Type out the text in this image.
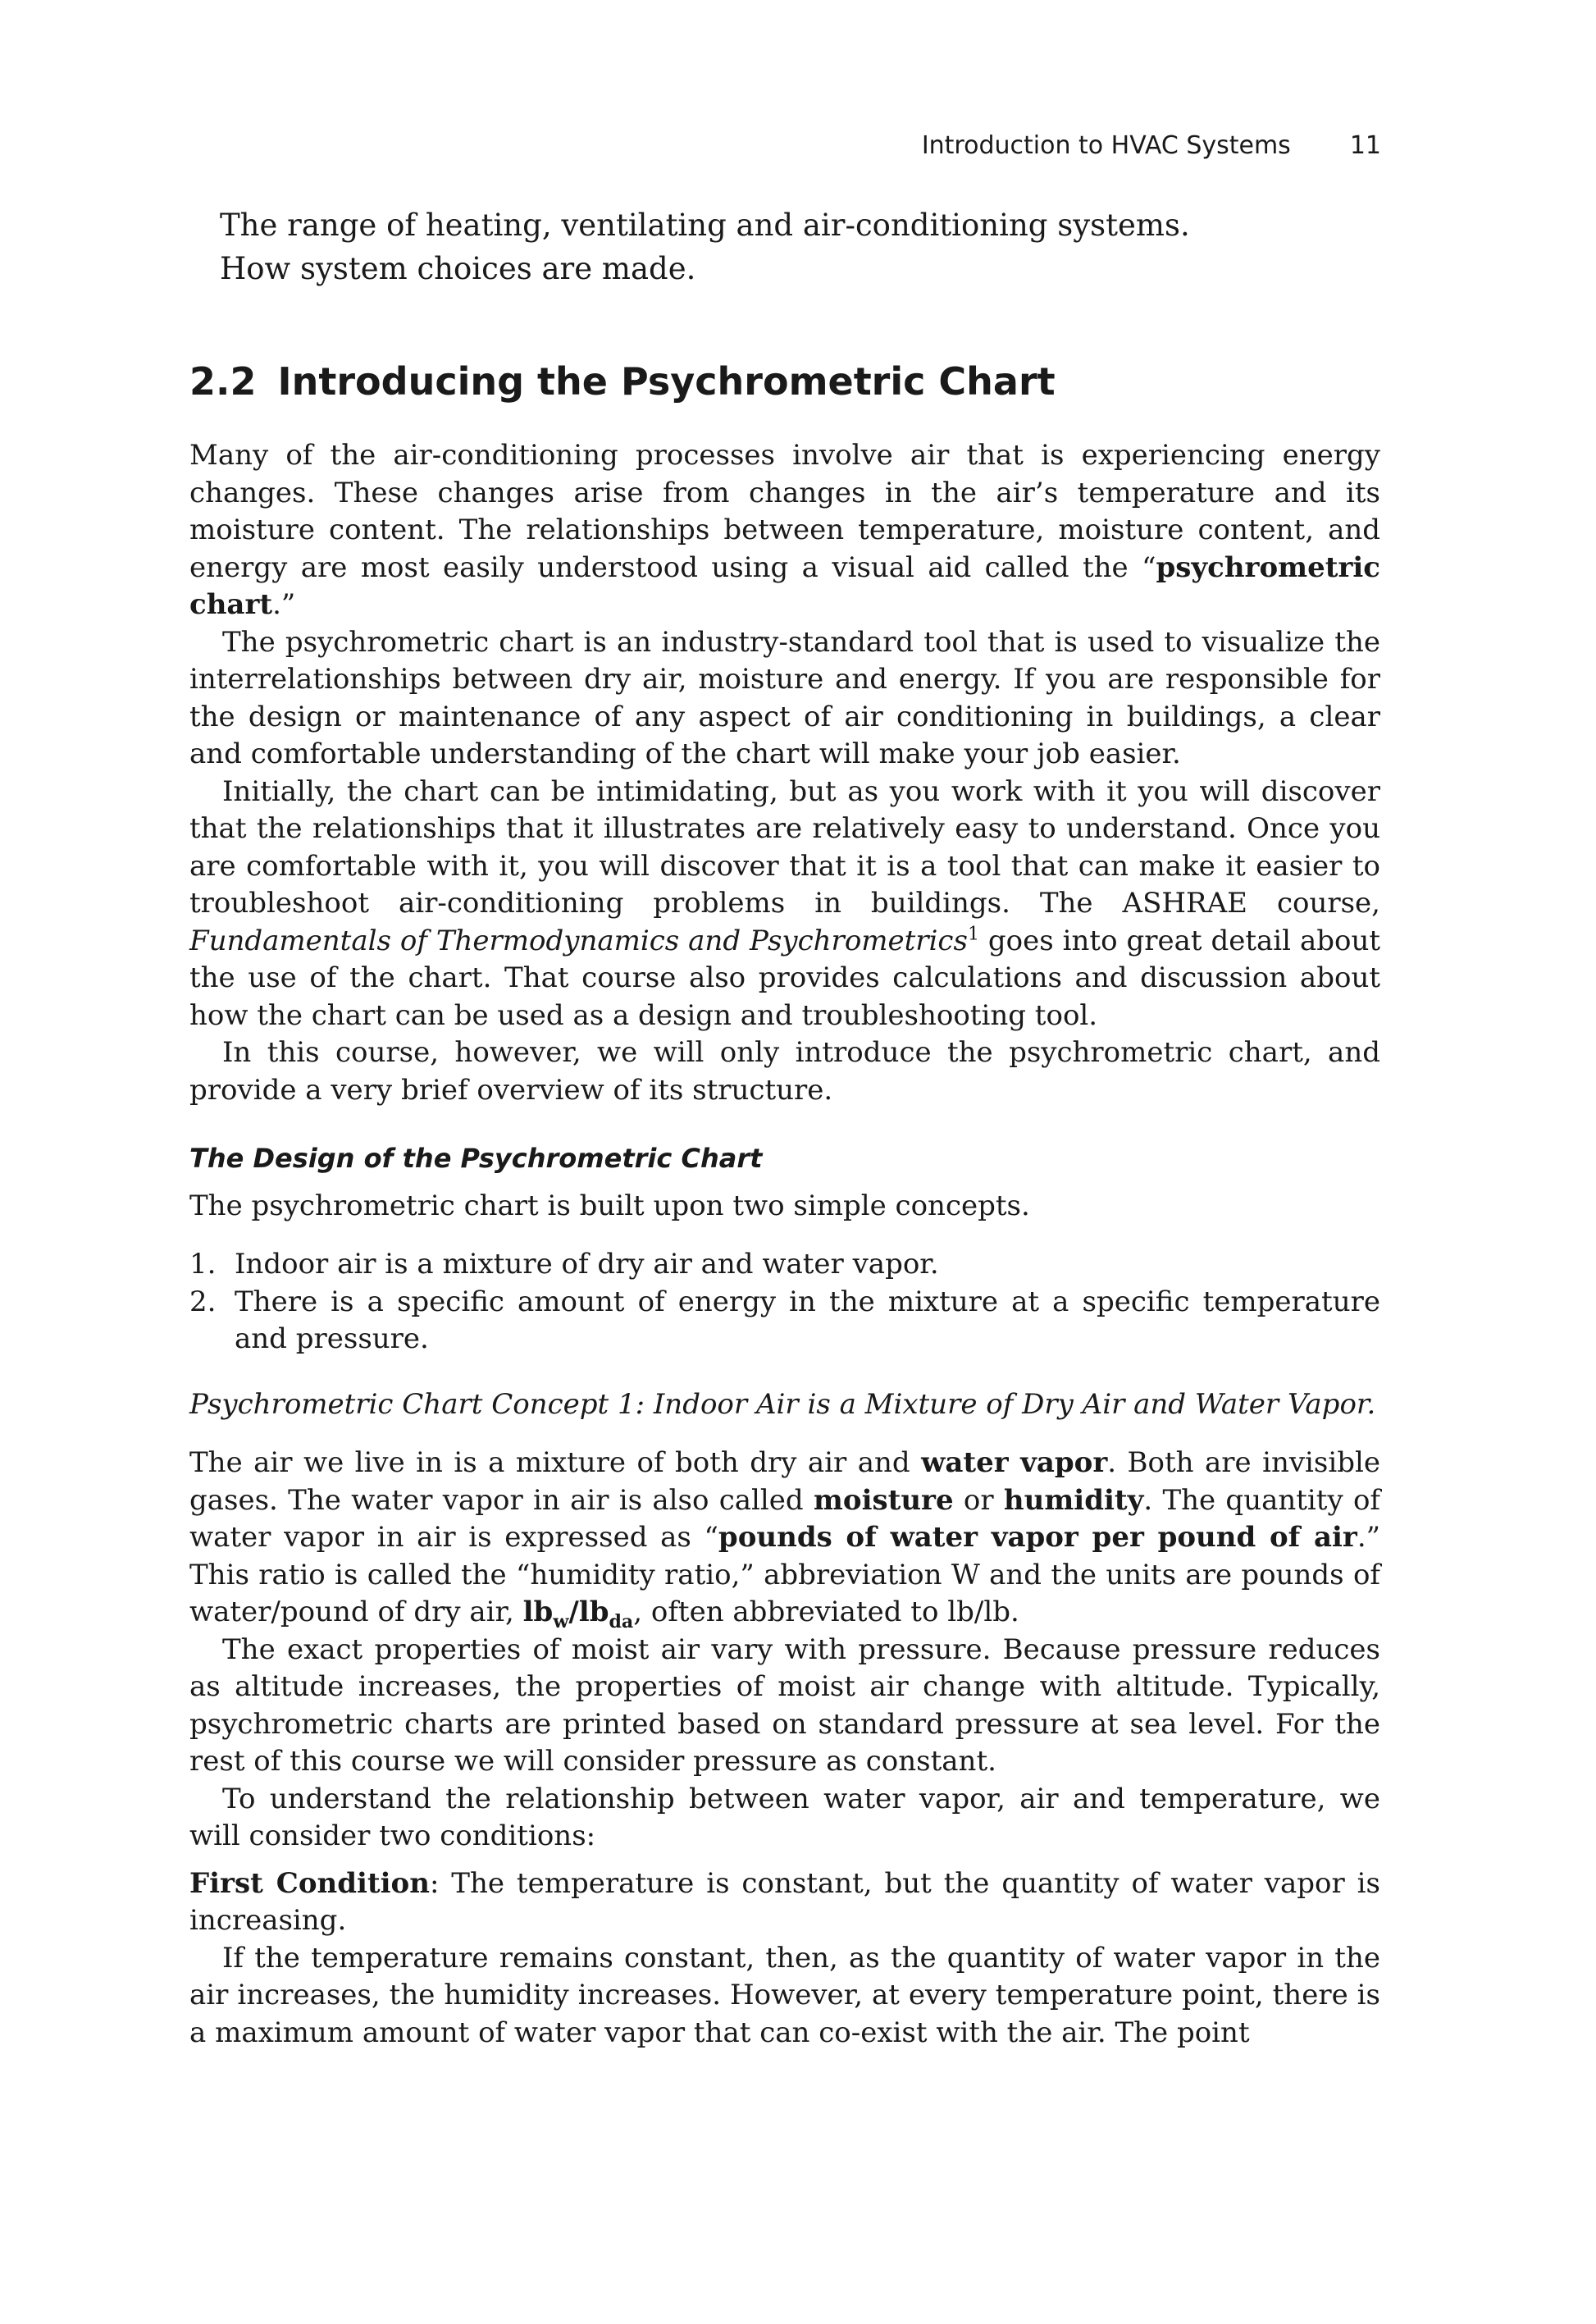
Introduction to HVAC Systems 11
The range of heating, ventilating and air-conditioning systems.
How system choices are made.
2.2 Introducing the Psychrometric Chart

Many of the air-conditioning processes involve air that is experiencing energy changes. These changes arise from changes in the air’s temperature and its moisture content. The relationships between temperature, moisture content, and energy are most easily understood using a visual aid called the “psychrometric chart.”

The psychrometric chart is an industry-standard tool that is used to visualize the interrelationships between dry air, moisture and energy. If you are responsible for the design or maintenance of any aspect of air conditioning in buildings, a clear and comfortable understanding of the chart will make your job easier.

Initially, the chart can be intimidating, but as you work with it you will discover that the relationships that it illustrates are relatively easy to understand. Once you are comfortable with it, you will discover that it is a tool that can make it easier to troubleshoot air-conditioning problems in buildings. The ASHRAE course, Fundamentals of Thermodynamics and Psychrometrics$^1$ goes into great detail about the use of the chart. That course also provides calculations and discussion about how the chart can be used as a design and troubleshooting tool.

In this course, however, we will only introduce the psychrometric chart, and provide a very brief overview of its structure.

The Design of the Psychrometric Chart

The psychrometric chart is built upon two simple concepts.

1. Indoor air is a mixture of dry air and water vapor.
2. There is a specific amount of energy in the mixture at a specific temperature and pressure.

Psychrometric Chart Concept 1: Indoor Air is a Mixture of Dry Air and Water Vapor.

The air we live in is a mixture of both dry air and water vapor. Both are invisible gases. The water vapor in air is also called moisture or humidity. The quantity of water vapor in air is expressed as “pounds of water vapor per pound of air.” This ratio is called the “humidity ratio,” abbreviation W and the units are pounds of water/pound of dry air, $lb_w/lb_{da}$, often abbreviated to lb/lb.

The exact properties of moist air vary with pressure. Because pressure reduces as altitude increases, the properties of moist air change with altitude. Typically, psychrometric charts are printed based on standard pressure at sea level. For the rest of this course we will consider pressure as constant.

To understand the relationship between water vapor, air and temperature, we will consider two conditions:

First Condition: The temperature is constant, but the quantity of water vapor is increasing.

If the temperature remains constant, then, as the quantity of water vapor in the air increases, the humidity increases. However, at every temperature point, there is a maximum amount of water vapor that can co-exist with the air. The point
